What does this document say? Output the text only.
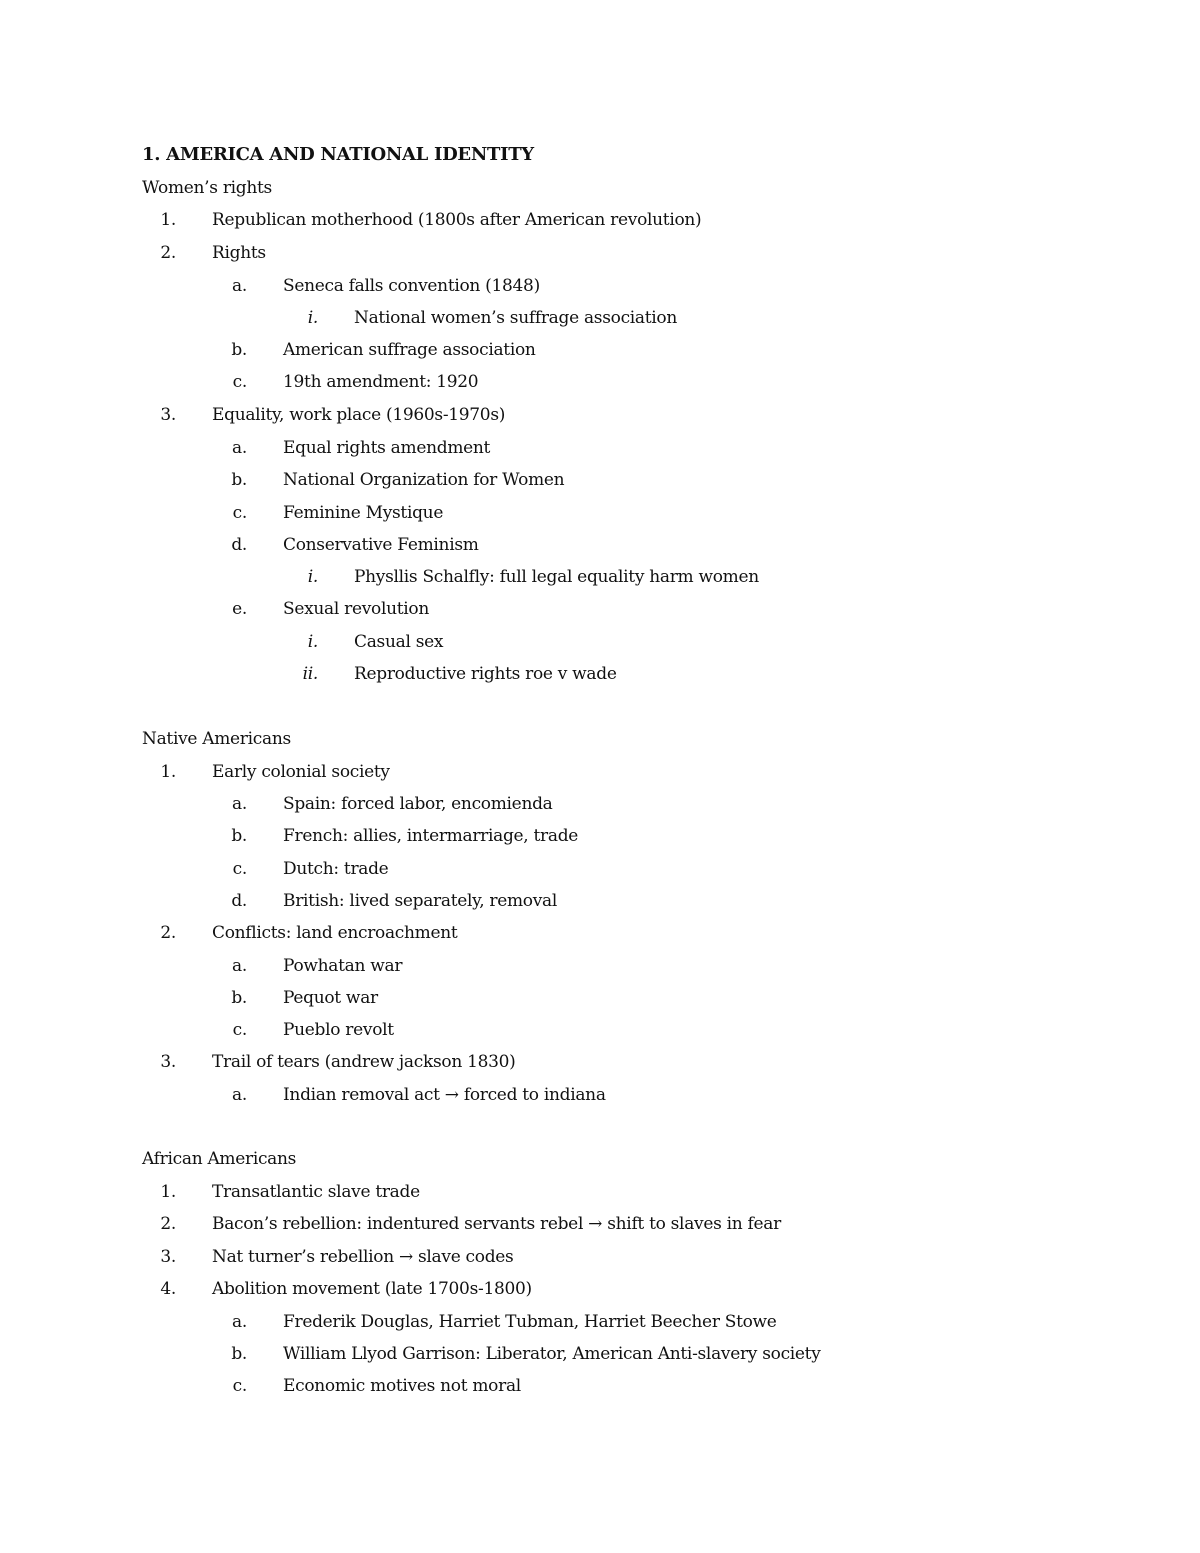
1. AMERICA AND NATIONAL IDENTITY
Women’s rights
1. Republican motherhood (1800s after American revolution)
2. Rights
a. Seneca falls convention (1848)
i. National women’s suffrage association
b. American suffrage association
c. 19th amendment: 1920
3. Equality, work place (1960s-1970s)
a. Equal rights amendment
b. National Organization for Women
c. Feminine Mystique
d. Conservative Feminism
i. Physllis Schalfly: full legal equality harm women
e. Sexual revolution
i. Casual sex
ii. Reproductive rights roe v wade
Native Americans
1. Early colonial society
a. Spain: forced labor, encomienda
b. French: allies, intermarriage, trade
c. Dutch: trade
d. British: lived separately, removal
2. Conflicts: land encroachment
a. Powhatan war
b. Pequot war
c. Pueblo revolt
3. Trail of tears (andrew jackson 1830)
a. Indian removal act → forced to indiana
African Americans
1. Transatlantic slave trade
2. Bacon’s rebellion: indentured servants rebel → shift to slaves in fear
3. Nat turner’s rebellion → slave codes
4. Abolition movement (late 1700s-1800)
a. Frederik Douglas, Harriet Tubman, Harriet Beecher Stowe
b. William Llyod Garrison: Liberator, American Anti-slavery society
c. Economic motives not moral
